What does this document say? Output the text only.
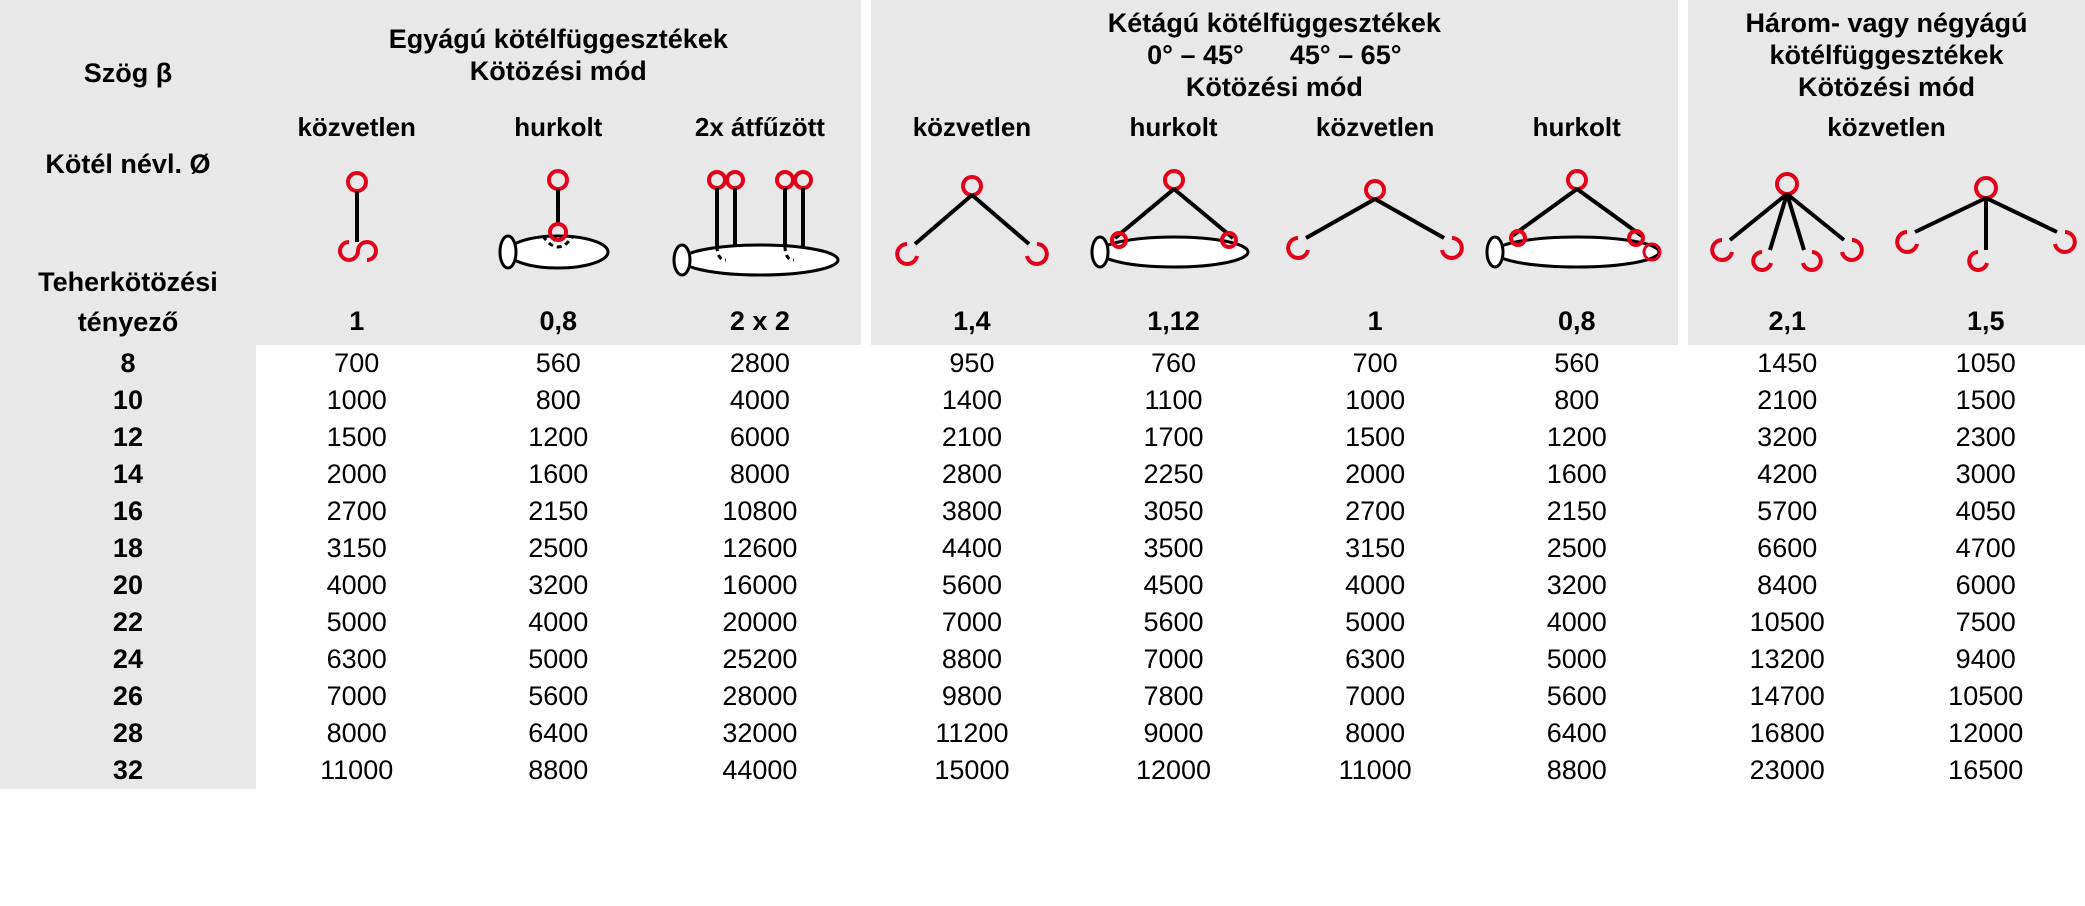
Szög β	Egyágú kötélfüggesztékek
Kötözési mód				Kétágú kötélfüggesztékek
0° – 45° 45° – 65°
Kötözési mód					Három- vagy négyágú
kötélfüggesztékek
Kötözési mód	

	közvetlen	hurkolt	2x átfűzött		közvetlen	hurkolt	közvetlen	hurkolt		közvetlen	

Kötél névl. Ø
Teherkötözési

tényező	1	0,8	2 x 2		1,4	1,12	1	0,8		2,1	1,5
8	700	560	2800		950	760	700	560		1450	1050
10	1000	800	4000		1400	1100	1000	800		2100	1500
12	1500	1200	6000		2100	1700	1500	1200		3200	2300
14	2000	1600	8000		2800	2250	2000	1600		4200	3000
16	2700	2150	10800		3800	3050	2700	2150		5700	4050
18	3150	2500	12600		4400	3500	3150	2500		6600	4700
20	4000	3200	16000		5600	4500	4000	3200		8400	6000
22	5000	4000	20000		7000	5600	5000	4000		10500	7500
24	6300	5000	25200		8800	7000	6300	5000		13200	9400
26	7000	5600	28000		9800	7800	7000	5600		14700	10500
28	8000	6400	32000		11200	9000	8000	6400		16800	12000
32	11000	8800	44000		15000	12000	11000	8800		23000	16500
